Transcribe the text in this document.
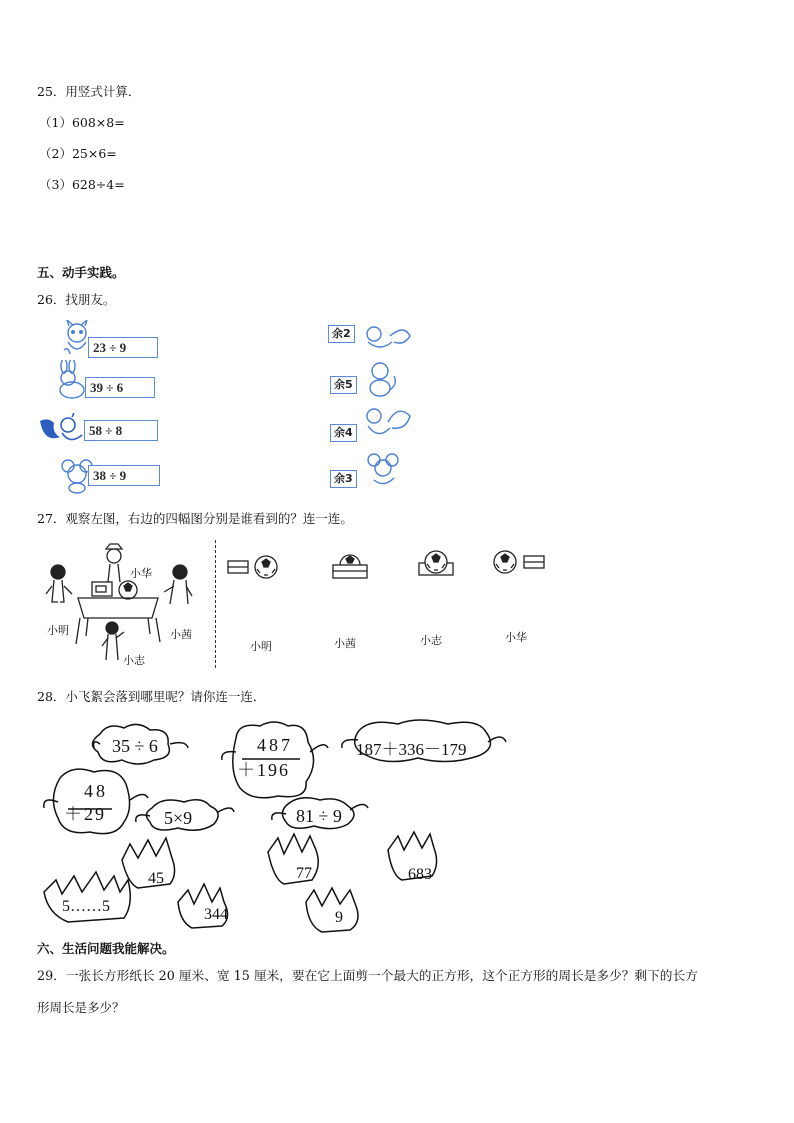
25．用竖式计算．
（1）608×8=
（2）25×6=
（3）628÷4=
五、动手实践。
26．找朋友。
23 ÷ 9
39 ÷ 6
58 ÷ 8
38 ÷ 9
余2
余5
余4
余3
27．观察左图，右边的四幅图分别是谁看到的？连一连。
小华
小明	小茜
小志
小明	小茜	小志	小华
28．小飞絮会落到哪里呢？请你连一连．
35 ÷ 6	487
＋196
187＋336－179
48
＋29	5×9	81 ÷ 9
45	77	683
5……5	344	9
六、生活问题我能解决。
29．一张长方形纸长 20 厘米、宽 15 厘米，要在它上面剪一个最大的正方形，这个正方形的周长是多少？剩下的长方
形周长是多少？
